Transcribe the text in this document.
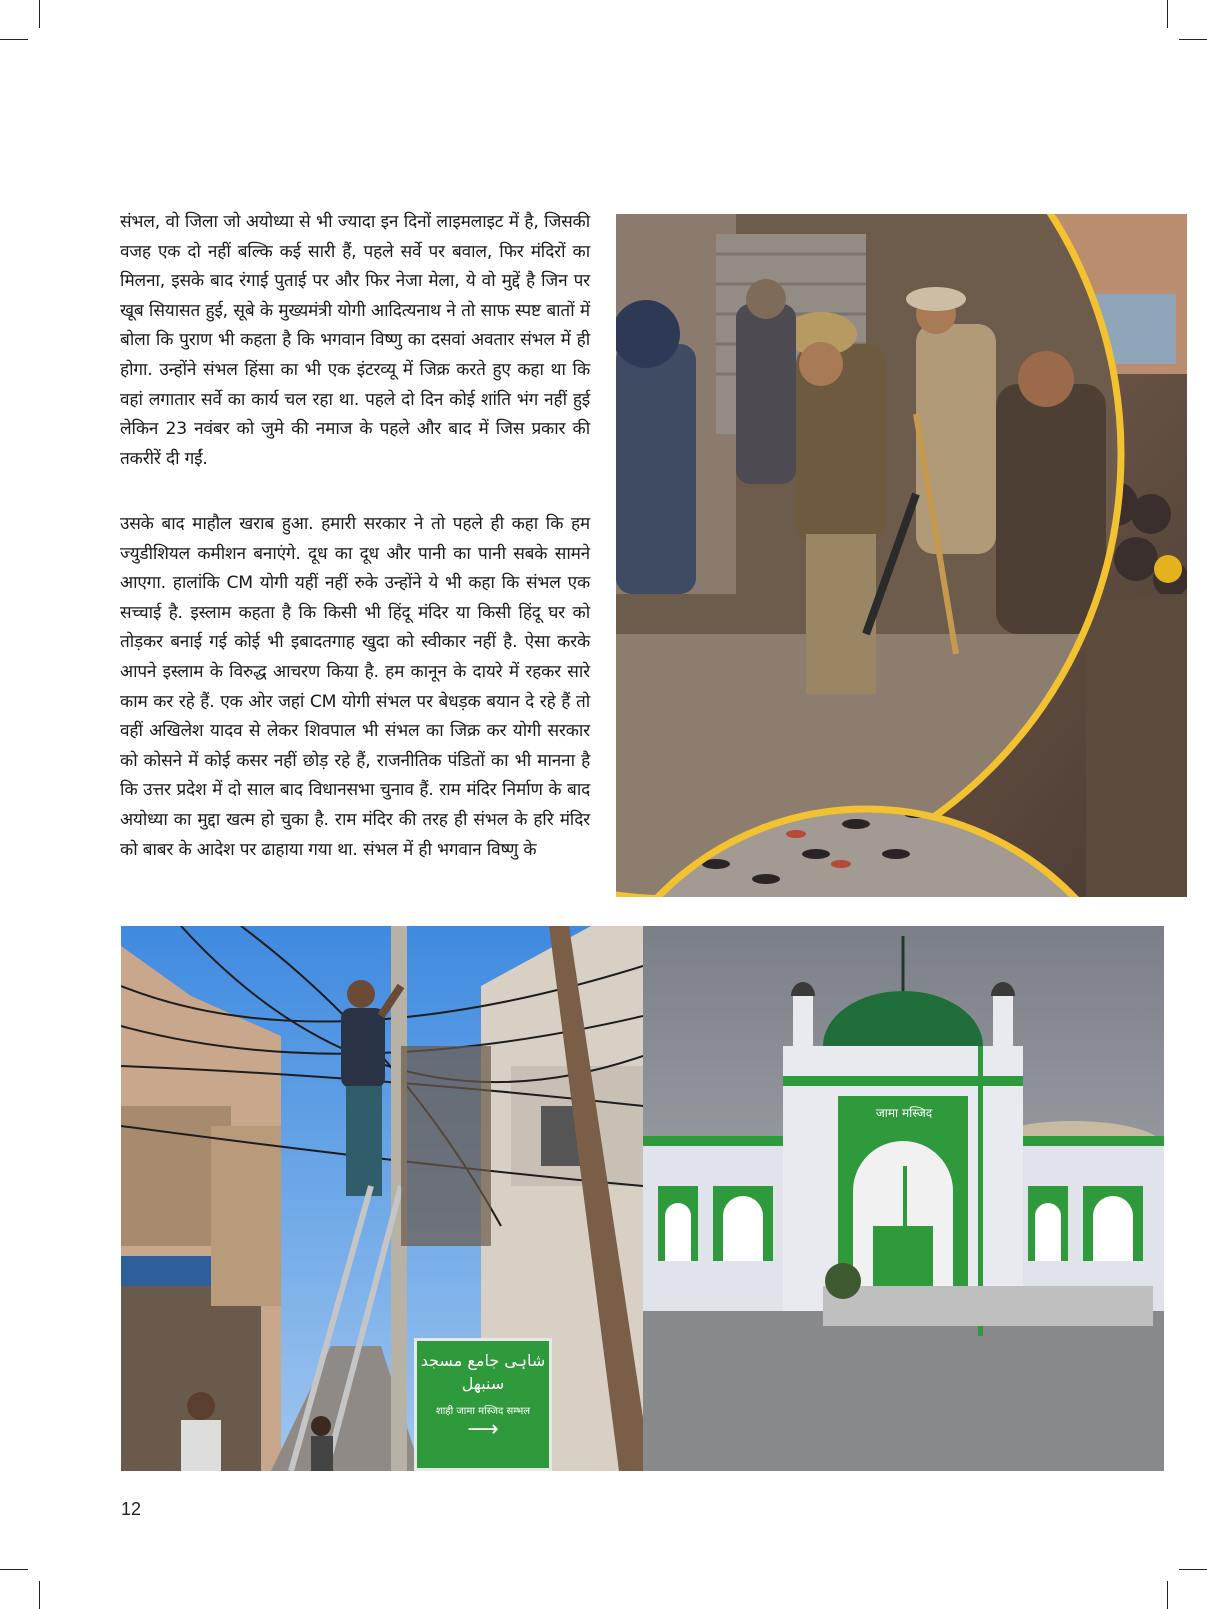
संभल, वो जिला जो अयोध्या से भी ज्यादा इन दिनों लाइमलाइट में है, जिसकी वजह एक दो नहीं बल्कि कई सारी हैं, पहले सर्वे पर बवाल, फिर मंदिरों का मिलना, इसके बाद रंगाई पुताई पर और फिर नेजा मेला, ये वो मुद्दें है जिन पर खूब सियासत हुई, सूबे के मुख्यमंत्री योगी आदित्यनाथ ने तो साफ स्पष्ट बातों में बोला कि पुराण भी कहता है कि भगवान विष्णु का दसवां अवतार संभल में ही होगा. उन्होंने संभल हिंसा का भी एक इंटरव्यू में जिक्र करते हुए कहा था कि वहां लगातार सर्वे का कार्य चल रहा था. पहले दो दिन कोई शांति भंग नहीं हुई लेकिन 23 नवंबर को जुमे की नमाज के पहले और बाद में जिस प्रकार की तकरीरें दी गईं.

उसके बाद माहौल खराब हुआ. हमारी सरकार ने तो पहले ही कहा कि हम ज्युडीशियल कमीशन बनाएंगे. दूध का दूध और पानी का पानी सबके सामने आएगा. हालांकि CM योगी यहीं नहीं रुके उन्होंने ये भी कहा कि संभल एक सच्चाई है. इस्लाम कहता है कि किसी भी हिंदू मंदिर या किसी हिंदू घर को तोड़कर बनाई गई कोई भी इबादतगाह खुदा को स्वीकार नहीं है. ऐसा करके आपने इस्लाम के विरुद्ध आचरण किया है. हम कानून के दायरे में रहकर सारे काम कर रहे हैं. एक ओर जहां CM योगी संभल पर बेधड़क बयान दे रहे हैं तो वहीं अखिलेश यादव से लेकर शिवपाल भी संभल का जिक्र कर योगी सरकार को कोसने में कोई कसर नहीं छोड़ रहे हैं, राजनीतिक पंडितों का भी मानना है कि उत्तर प्रदेश में दो साल बाद विधानसभा चुनाव हैं. राम मंदिर निर्माण के बाद अयोध्या का मुद्दा खत्म हो चुका है. राम मंदिर की तरह ही संभल के हरि मंदिर को बाबर के आदेश पर ढाहाया गया था. संभल में ही भगवान विष्णु के

شاہی جامع مسجد
سنبھل
शाही जामा मस्जिद सम्भल
⟶
जामा मस्जिद
12
